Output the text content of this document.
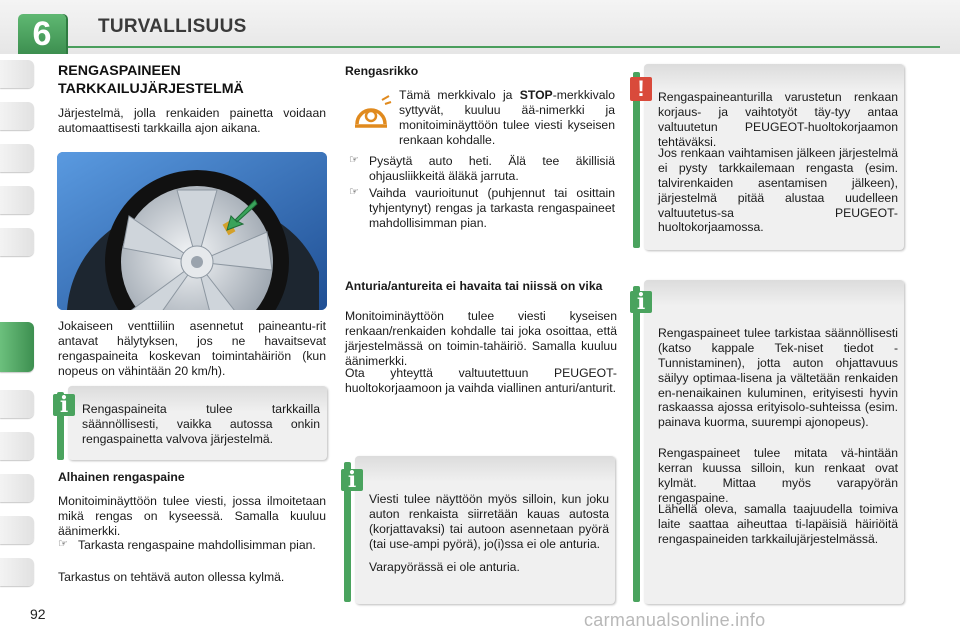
6	TURVALLISUUS
RENGASPAINEEN
TARKKAILUJÄRJESTELMÄ
Järjestelmä, jolla renkaiden painetta voidaan automaattisesti tarkkailla ajon aikana.
Jokaiseen venttiiliin asennetut paineantu-rit antavat hälytyksen, jos ne havaitsevat rengaspaineita koskevan toimintahäiriön (kun nopeus on vähintään 20 km/h).
Rengaspaineita tulee tarkkailla säännöllisesti, vaikka autossa onkin rengaspainetta valvova järjestelmä.
i
Alhainen rengaspaine
Monitoiminäyttöön tulee viesti, jossa ilmoitetaan mikä rengas on kyseessä. Samalla kuuluu äänimerkki.
☞ Tarkasta rengaspaine mahdollisimman pian.
Tarkastus on tehtävä auton ollessa kylmä.
Rengasrikko
Tämä merkkivalo ja STOP-merkkivalo syttyvät, kuuluu ää-nimerkki ja monitoiminäyttöön tulee viesti kyseisen renkaan kohdalle.
☞ Pysäytä auto heti. Älä tee äkillisiä ohjausliikkeitä äläkä jarruta.
☞ Vaihda vaurioitunut (puhjennut tai osittain tyhjentynyt) rengas ja tarkasta rengaspaineet mahdollisimman pian.
Anturia/antureita ei havaita tai niissä on vika
Monitoiminäyttöön tulee viesti kyseisen renkaan/renkaiden kohdalle tai joka osoittaa, että järjestelmässä on toimin-tahäiriö. Samalla kuuluu äänimerkki.
Ota yhteyttä valtuutettuun PEUGEOT-huoltokorjaamoon ja vaihda viallinen anturi/anturit.
Viesti tulee näyttöön myös silloin, kun joku auton renkaista siirretään kauas autosta (korjattavaksi) tai autoon asennetaan pyörä (tai use-ampi pyörä), jo(i)ssa ei ole anturia.
Varapyörässä ei ole anturia.
i
Rengaspaineanturilla varustetun renkaan korjaus- ja vaihtotyöt täy-tyy antaa valtuutetun PEUGEOT-huoltokorjaamon tehtäväksi.
Jos renkaan vaihtamisen jälkeen järjestelmä ei pysty tarkkailemaan rengasta (esim. talvirenkaiden asentamisen jälkeen), järjestelmä pitää alustaa uudelleen valtuutetus-sa PEUGEOT-huoltokorjaamossa.
!
Rengaspaineet tulee tarkistaa säännöllisesti (katso kappale Tek-niset tiedot - Tunnistaminen), jotta auton ohjattavuus säilyy optimaa-lisena ja vältetään renkaiden en-nenaikainen kuluminen, erityisesti hyvin raskaassa ajossa erityisolo-suhteissa (esim. painava kuorma, suurempi ajonopeus).
Rengaspaineet tulee mitata vä-hintään kerran kuussa silloin, kun renkaat ovat kylmät. Mittaa myös varapyörän rengaspaine.
Lähellä oleva, samalla taajuudella toimiva laite saattaa aiheuttaa ti-lapäisiä häiriöitä rengaspaineiden tarkkailujärjestelmässä.
i
92	carmanualsonline.info
